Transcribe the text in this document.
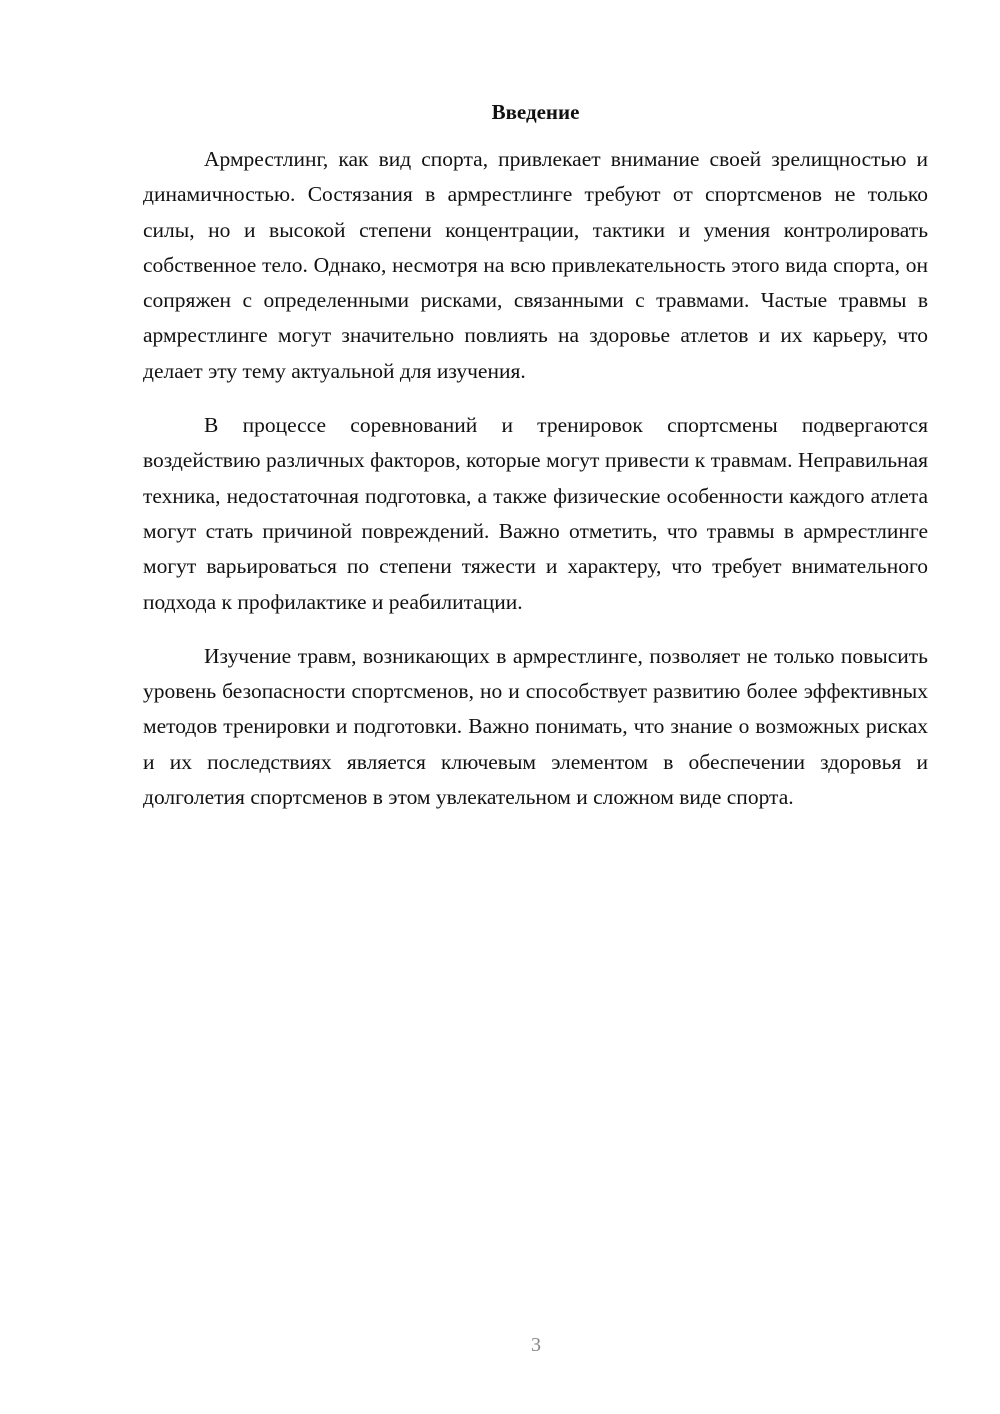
Введение

Армрестлинг, как вид спорта, привлекает внимание своей зрелищностью и динамичностью. Состязания в армрестлинге требуют от спортсменов не только силы, но и высокой степени концентрации, тактики и умения контролировать собственное тело. Однако, несмотря на всю привлекательность этого вида спорта, он сопряжен с определенными рисками, связанными с травмами. Частые травмы в армрестлинге могут значительно повлиять на здоровье атлетов и их карьеру, что делает эту тему актуальной для изучения.

В процессе соревнований и тренировок спортсмены подвергаются воздействию различных факторов, которые могут привести к травмам. Неправильная техника, недостаточная подготовка, а также физические особенности каждого атлета могут стать причиной повреждений. Важно отметить, что травмы в армрестлинге могут варьироваться по степени тяжести и характеру, что требует внимательного подхода к профилактике и реабилитации.

Изучение травм, возникающих в армрестлинге, позволяет не только повысить уровень безопасности спортсменов, но и способствует развитию более эффективных методов тренировки и подготовки. Важно понимать, что знание о возможных рисках и их последствиях является ключевым элементом в обеспечении здоровья и долголетия спортсменов в этом увлекательном и сложном виде спорта.

3
